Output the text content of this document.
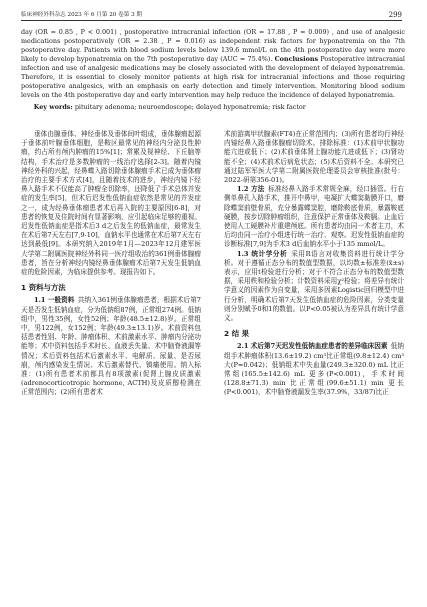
临床神经外科杂志 2023 年 6 月第 20 卷第 3 期	299

day (OR = 0.85 , P < 0.001) , postoperative intracranial infection (OR = 17.88 , P = 0.009) , and use of analgesic medications postoperatively (OR = 2.38 , P = 0.016) as independent risk factors for hyponatremia on the 7th postoperative day. Patients with blood sodium levels below 139.6 mmol/L on the 4th postoperative day were more likely to develop hyponatremia on the 7th postoperative day (AUC = 75.4%). Conclusions Postoperative intracranial infection and use of analgesic medications may be closely associated with the development of delayed hyponatremia. Therefore, it is essential to closely monitor patients at high risk for intracranial infections and those requiring postoperative analgesics, with an emphasis on early detection and timely intervention. Monitoring blood sodium levels on the 4th postoperative day and early intervention may help reduce the incidence of delayed hyponatremia.

  Key words: pituitary adenoma; neuroendoscope; delayed hyponatremia; risk factor

垂体由腺垂体、神经垂体及垂体间叶组成，垂体腺瘤起源于垂体前叶腺垂体细胞，是鞍区最常见的神经内分泌良性肿瘤，约占所有颅内肿瘤的15%[1]；常累及视神经、下丘脑等结构，手术治疗是多数肿瘤的一线治疗选择[2-3]。随着内镜神经外科的兴起，经鼻蝶入路切除垂体腺瘤手术已成为垂体瘤治疗的主要手术方式[4]，且随着技术的进步，神经内镜下经鼻入路手术不仅能高了肿瘤全切除率，还降低了手术总体并发症的发生率[5]，但术后迟发性低钠血症依然是常见的并发症之一，成为经鼻垂体瘤患者术后再入院的主要原因[6-8]，对患者的恢复及住院时间有显著影响，应引起临床足够的重视。迟发性低钠血症是指术后3 d之后发生的低钠血症，最常发生在术后第7天左右[7,9-10]，血钠水平也通常在术后第7天左右达到最低[9]。本研究纳入2019年1月—2023年12月建军医大学第二附属医院神经外科同一医疗组收治的361例垂体腺瘤患者，旨在分析神经内镜经鼻垂体腺瘤术后第7天发生低钠血症的危险因素，为临床提供参考。现报告如下。

1 资料与方法

1.1 一般资料  共纳入361例垂体腺瘤患者，根据术后第7天是否发生低钠血症，分为低钠组87例，正常组274例。低钠组中，男性35例，女性52例；年龄(48.5±12.8)岁。正常组中，男122例，女152例；年龄(49.3±13.1)岁。术前资料包括患者性别、年龄、肿瘤体积、术前激素水平、肿瘤内分泌功能等；术中资料包括手术时长、血液丢失量、术中脑脊液漏等情况；术后资料包括术后激素水平、电解质、尿量、是否尿崩，颅内感染发生情况、术后激素替代、镇痛使用。纳入标准：(1)所有患者术前都具有8项激素(促肾上腺皮质激素(adrenocorticotropic hormone, ACTH)及皮质醇检测在正常范围内；(2)所有患者术

术前游离甲状腺素(FT4)在正常范围内；(3)所有患者均行神经内镜经鼻入路垂体腺瘤切除术。排除标准：(1)术前甲状腺功能亢进或低下；(2)术前垂体肾上腺功能亢进或低下；(3)肾功能不全；(4)术前术后病危状态；(5)术后资料不全。本研究已通过陆军军医大学第二附属医院伦理委员会审核批准(批号：2022-研第356-01)。

1.2 方法  标准经鼻入路手术常规全麻，经口插管。行右侧单鼻孔入路手术，推开中鼻甲，电凝扩大蝶窦黏膜开口，磨除蝶窦前壁骨质，充分暴露蝶窦腔，磨除鞍底骨质，暴露鞍底硬膜，按步切除肿瘤组织，注意保护正常垂体及鞍膈。止血后使用人工硬膜补片重建颅底。所有患者均由同一术者主刀，术后均由同一治疗小组进行统一治疗、观察。迟发性低钠血症的诊断标准[7,9]为手术3 d后血钠水平小于135 mmol/L。

1.3 统计学分析  采用R语言对收集资料进行统计学分析。对于遵循正态分布的数值型数据，以均数±标准差(x̄±s)表示，应用t检验进行分析；对于不符合正态分布的数值型数据，采用秩和检验分析；计数资料采用χ²检验；将差异有统计学意义的因素作为自变量，采用多因素Logistic回归模型中进行分析，明确术后第7天发生低钠血症的危险因素，分类变量则分别赋予0和1的数值。以P<0.05被认为差异具有统计学意义。

2 结 果

2.1 术后第7天迟发性低钠血症患者的差异临床因素  低钠组手术肿瘤体积(13.6±19.2) cm³比正常组(9.8±12.4) cm³ 大(P=0.042)；低钠组术中失血量(249.3±320.0) mL 比正常组(165.5±142.6) mL 更多(P<0.001)，手术时间(128.8±71.3) min 比正常组(99.6±51.1) min 更长(P<0.001)，术中脑脊液漏发生率(37.9%，33/87)比正
